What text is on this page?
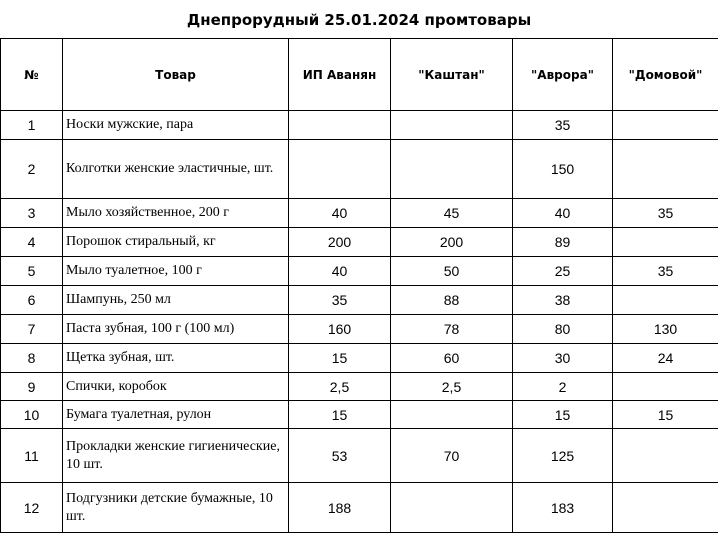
Днепрорудный 25.01.2024 промтовары
№	Товар	ИП Аванян	"Каштан"	"Аврора"	"Домовой"
1	Носки мужские, пара			35	
2	Колготки женские эластичные, шт.			150	
3	Мыло хозяйственное, 200 г	40	45	40	35
4	Порошок стиральный, кг	200	200	89	
5	Мыло туалетное, 100 г	40	50	25	35
6	Шампунь, 250 мл	35	88	38	
7	Паста зубная, 100 г (100 мл)	160	78	80	130
8	Щетка зубная, шт.	15	60	30	24
9	Спички, коробок	2,5	2,5	2	
10	Бумага туалетная, рулон	15		15	15
11	Прокладки женские гигиенические, 10 шт.	53	70	125	
12	Подгузники детские бумажные, 10 шт.	188		183	
